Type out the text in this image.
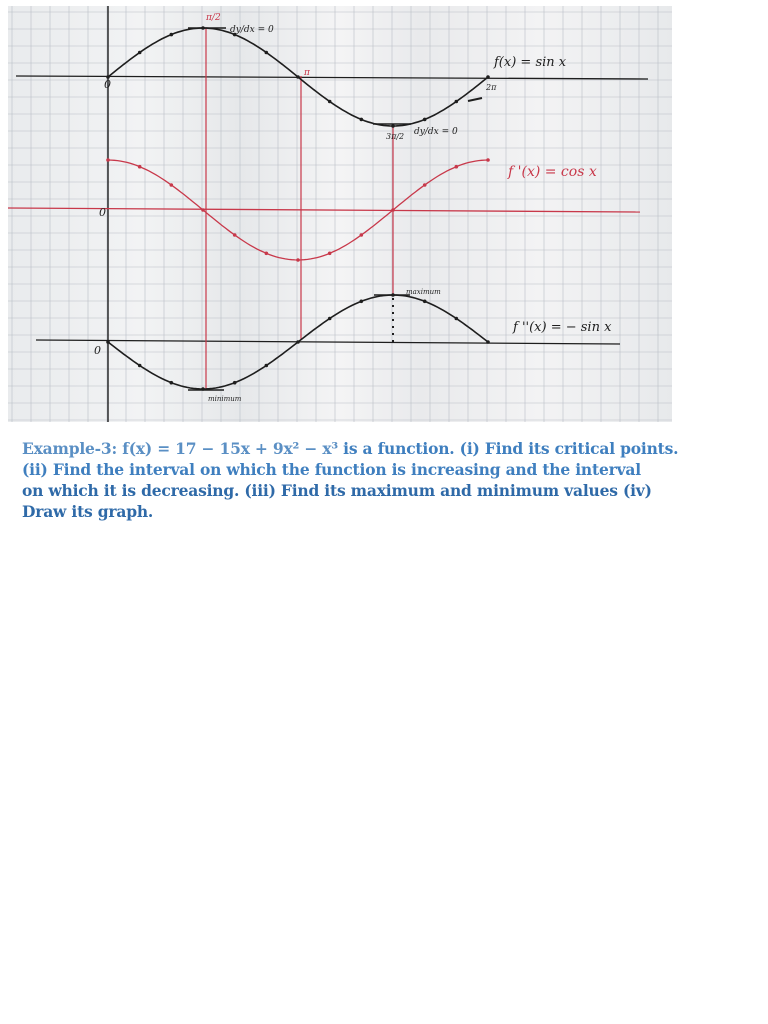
f(x) = sin x
f '(x) = cos x
f ''(x) = − sin x
π/2
dy/dx = 0
π
2π
3π/2 dy/dx = 0
0
0
0
maximum
minimum
Example-3: f(x) = 17 − 15x + 9x² − x³ is a function. (i) Find its critical points.
(ii) Find the interval on which the function is increasing and the interval
on which it is decreasing. (iii) Find its maximum and minimum values (iv)
Draw its graph.
